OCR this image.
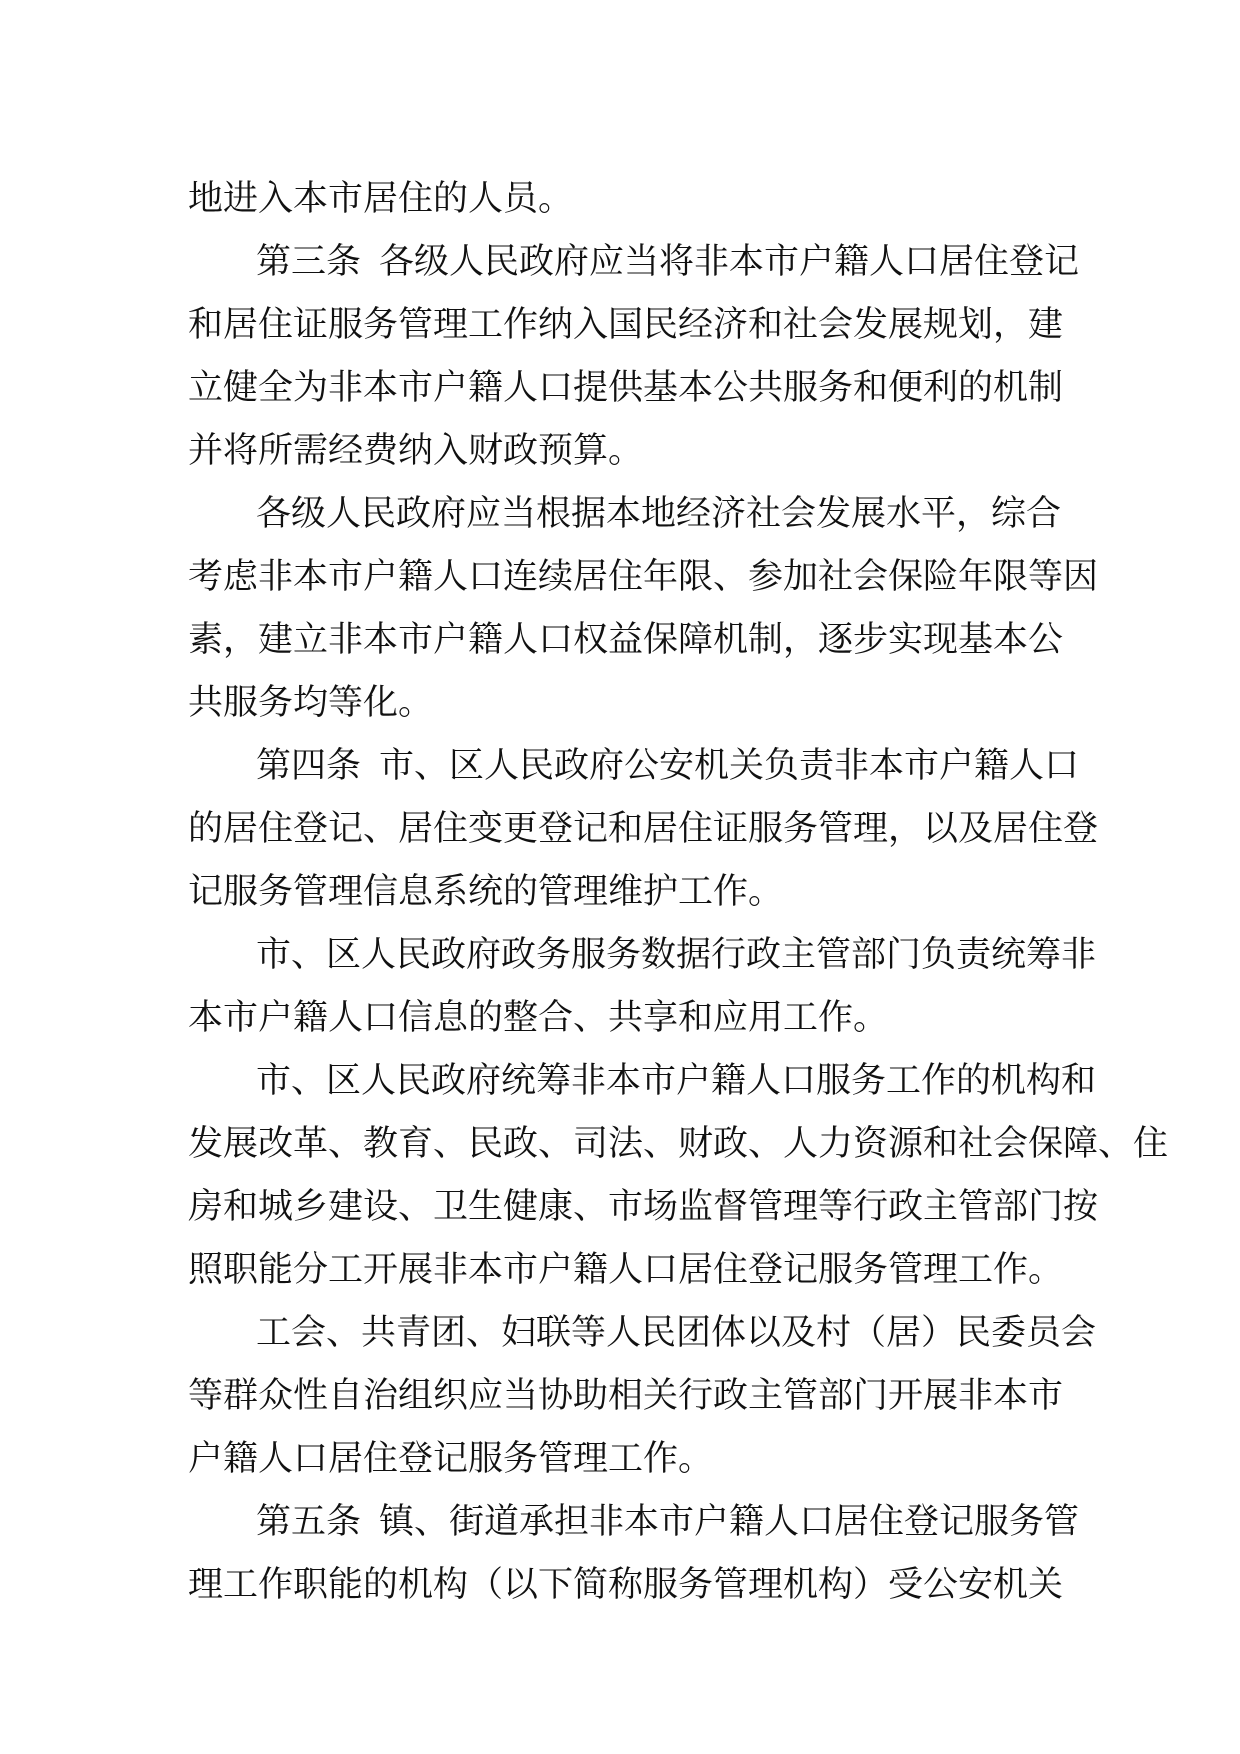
地进入本市居住的人员。
第三条 各级人民政府应当将非本市户籍人口居住登记
和居住证服务管理工作纳入国民经济和社会发展规划，建
立健全为非本市户籍人口提供基本公共服务和便利的机制
并将所需经费纳入财政预算。
各级人民政府应当根据本地经济社会发展水平，综合
考虑非本市户籍人口连续居住年限、参加社会保险年限等因
素，建立非本市户籍人口权益保障机制，逐步实现基本公
共服务均等化。
第四条 市、区人民政府公安机关负责非本市户籍人口
的居住登记、居住变更登记和居住证服务管理，以及居住登
记服务管理信息系统的管理维护工作。
市、区人民政府政务服务数据行政主管部门负责统筹非
本市户籍人口信息的整合、共享和应用工作。
市、区人民政府统筹非本市户籍人口服务工作的机构和
发展改革、教育、民政、司法、财政、人力资源和社会保障、住
房和城乡建设、卫生健康、市场监督管理等行政主管部门按
照职能分工开展非本市户籍人口居住登记服务管理工作。
工会、共青团、妇联等人民团体以及村（居）民委员会
等群众性自治组织应当协助相关行政主管部门开展非本市
户籍人口居住登记服务管理工作。
第五条 镇、街道承担非本市户籍人口居住登记服务管
理工作职能的机构（以下简称服务管理机构）受公安机关
